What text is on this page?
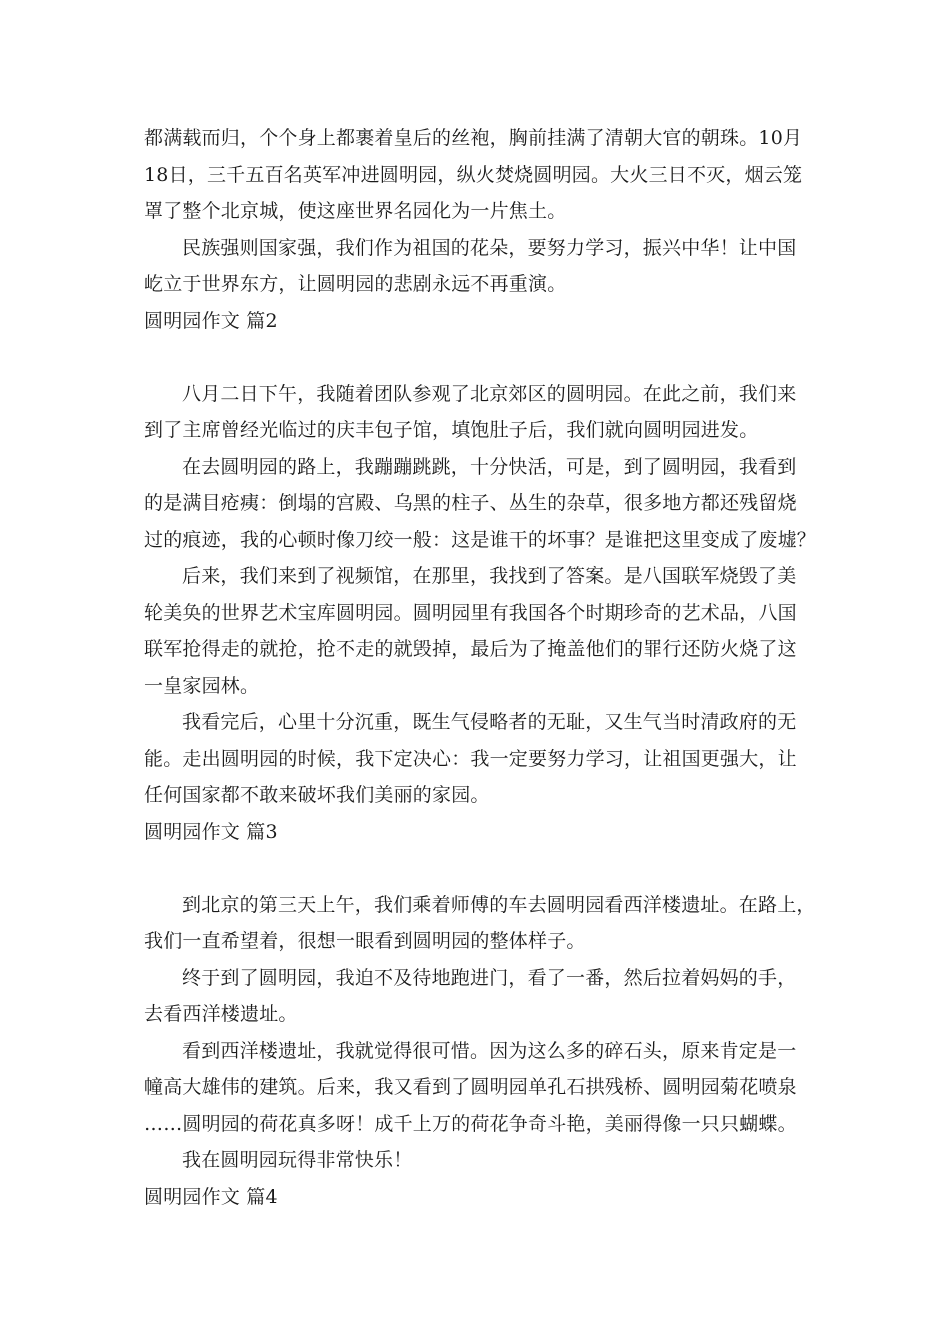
都满载而归，个个身上都裹着皇后的丝袍，胸前挂满了清朝大官的朝珠。10月
18日，三千五百名英军冲进圆明园，纵火焚烧圆明园。大火三日不灭，烟云笼
罩了整个北京城，使这座世界名园化为一片焦土。
民族强则国家强，我们作为祖国的花朵，要努力学习，振兴中华！让中国
屹立于世界东方，让圆明园的悲剧永远不再重演。
圆明园作文 篇2
八月二日下午，我随着团队参观了北京郊区的圆明园。在此之前，我们来
到了主席曾经光临过的庆丰包子馆，填饱肚子后，我们就向圆明园进发。
在去圆明园的路上，我蹦蹦跳跳，十分快活，可是，到了圆明园，我看到
的是满目疮痍：倒塌的宫殿、乌黑的柱子、丛生的杂草，很多地方都还残留烧
过的痕迹，我的心顿时像刀绞一般：这是谁干的坏事？是谁把这里变成了废墟？
后来，我们来到了视频馆，在那里，我找到了答案。是八国联军烧毁了美
轮美奂的世界艺术宝库圆明园。圆明园里有我国各个时期珍奇的艺术品，八国
联军抢得走的就抢，抢不走的就毁掉，最后为了掩盖他们的罪行还防火烧了这
一皇家园林。
我看完后，心里十分沉重，既生气侵略者的无耻，又生气当时清政府的无
能。走出圆明园的时候，我下定决心：我一定要努力学习，让祖国更强大，让
任何国家都不敢来破坏我们美丽的家园。
圆明园作文 篇3
到北京的第三天上午，我们乘着师傅的车去圆明园看西洋楼遗址。在路上，
我们一直希望着，很想一眼看到圆明园的整体样子。
终于到了圆明园，我迫不及待地跑进门，看了一番，然后拉着妈妈的手，
去看西洋楼遗址。
看到西洋楼遗址，我就觉得很可惜。因为这么多的碎石头，原来肯定是一
幢高大雄伟的建筑。后来，我又看到了圆明园单孔石拱残桥、圆明园菊花喷泉
……圆明园的荷花真多呀！成千上万的荷花争奇斗艳，美丽得像一只只蝴蝶。
我在圆明园玩得非常快乐！
圆明园作文 篇4
